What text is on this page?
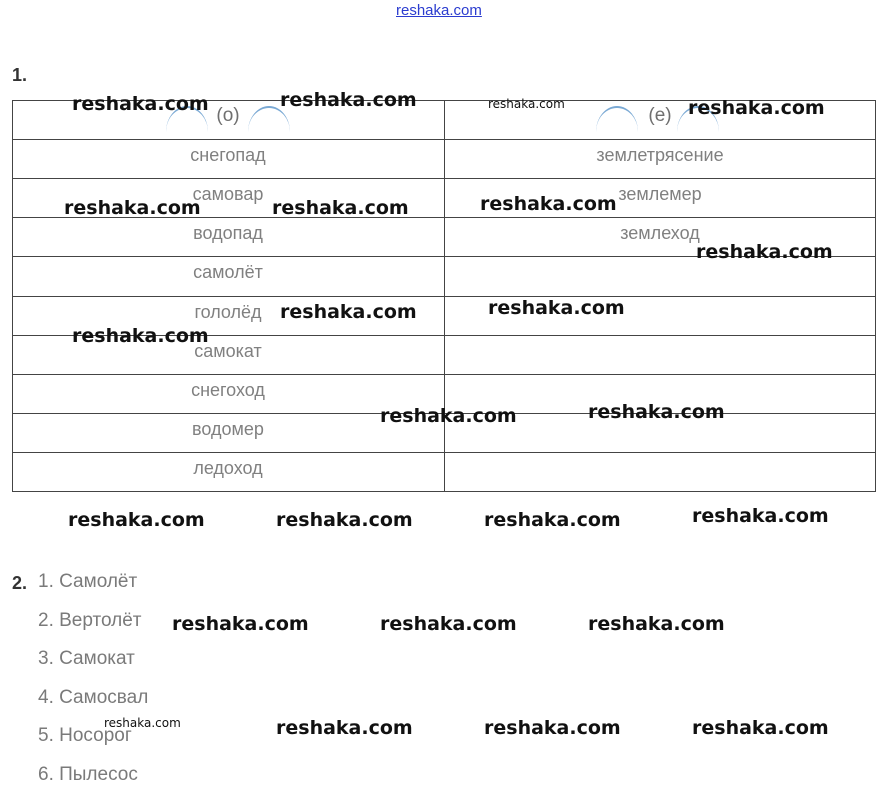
reshaka.com
1.
(о)	(е)
снегопад	землетрясение
самовар	землемер
водопад	землеход
самолёт
гололёд
самокат
снегоход
водомер
ледоход
2. 1. Самолёт
2. Вертолёт
3. Самокат
4. Самосвал
5. Носорог
6. Пылесос
reshaka.com	reshaka.com	reshaka.com	reshaka.com
reshaka.com	reshaka.com	reshaka.com
reshaka.com
reshaka.com	reshaka.com
reshaka.com
reshaka.com	reshaka.com
reshaka.com	reshaka.com	reshaka.com	reshaka.com
reshaka.com	reshaka.com	reshaka.com
reshaka.com	reshaka.com	reshaka.com	reshaka.com
